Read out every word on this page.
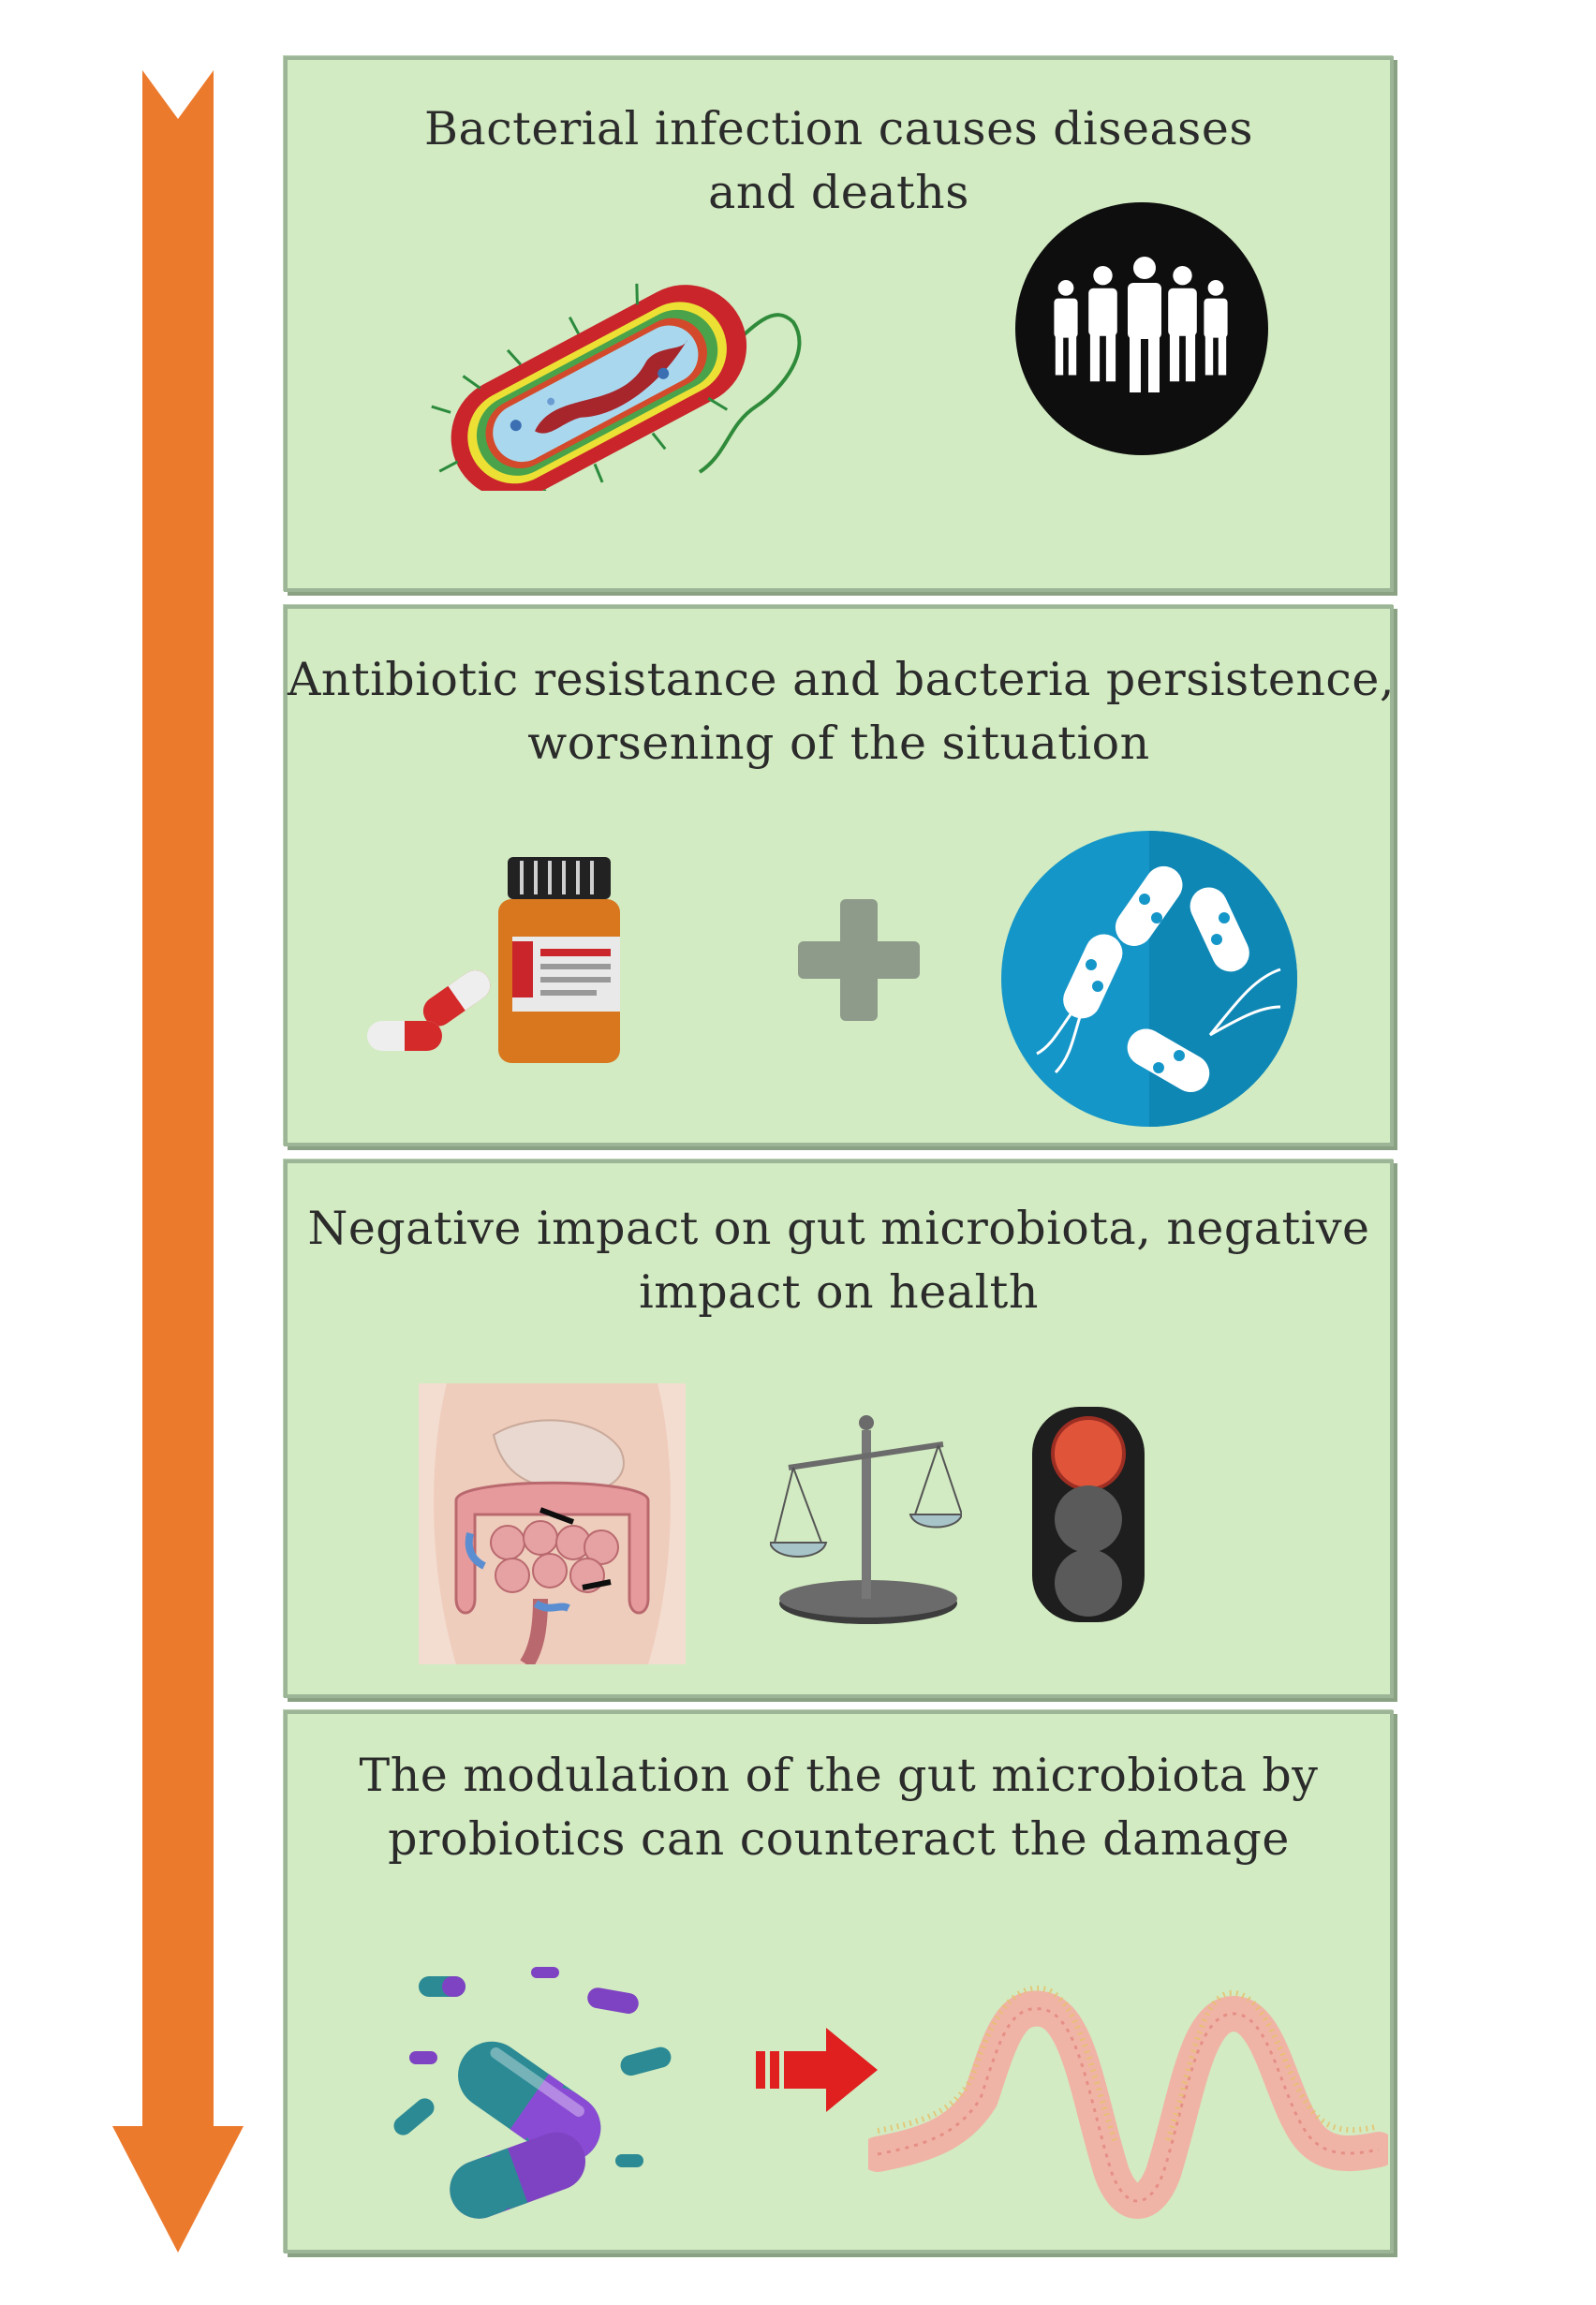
Bacterial infection causes diseases
and deaths
Antibiotic resistance and bacteria persistence,
worsening of the situation
Negative impact on gut microbiota, negative
impact on health
The modulation of the gut microbiota by
probiotics can counteract the damage
